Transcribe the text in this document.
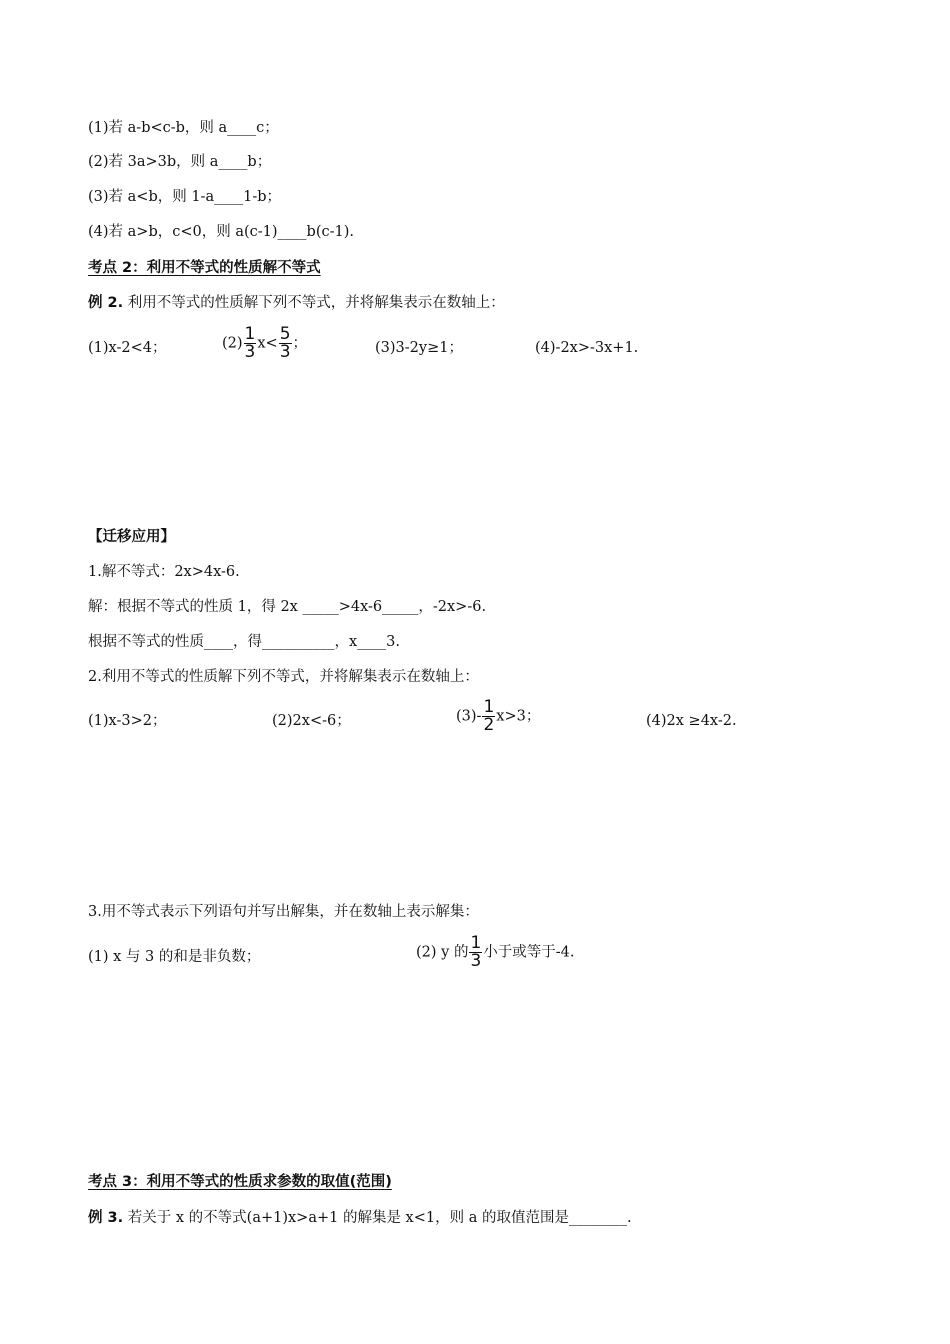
(1)若 a-b<c-b，则 a____c；
(2)若 3a>3b，则 a____b；
(3)若 a<b，则 1-a____1-b；
(4)若 a>b，c<0，则 a(c-1)____b(c-1).
考点 2：利用不等式的性质解不等式
例 2. 利用不等式的性质解下列不等式，并将解集表示在数轴上：
(1)x-2<4；	$(2) \frac{1}{3} x< \frac{5}{3}$ ；	(3)3-2y≥1；	(4)-2x>-3x+1.
【迁移应用】
1.解不等式：2x>4x-6.
解：根据不等式的性质 1，得 2x _____>4x-6_____，-2x>-6.
根据不等式的性质____，得__________，x____3.
2.利用不等式的性质解下列不等式，并将解集表示在数轴上：
(1)x-3>2；	(2)2x<-6；	$(3)- \frac{1}{2} x>3$；	(4)2x ≥4x-2.
3.用不等式表示下列语句并写出解集，并在数轴上表示解集：
(1) x 与 3 的和是非负数；	(2) y 的 $\frac{1}{3}$ 小于或等于-4.
考点 3：利用不等式的性质求参数的取值(范围)
例 3. 若关于 x 的不等式(a+1)x>a+1 的解集是 x<1，则 a 的取值范围是________.
